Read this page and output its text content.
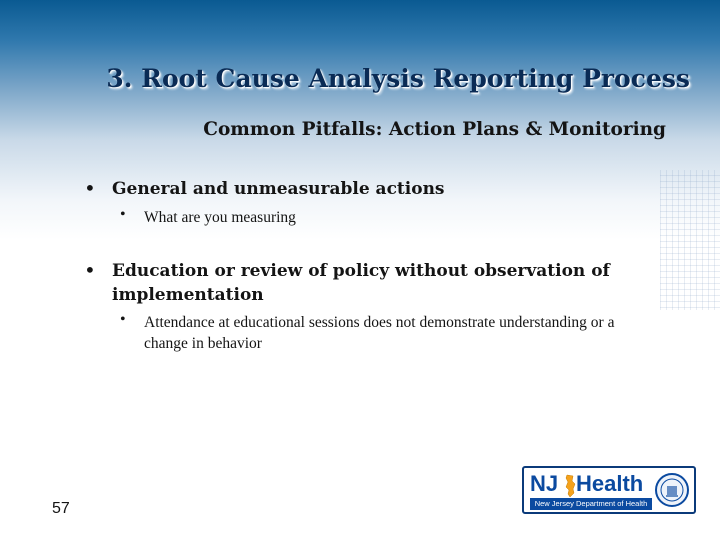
3. Root Cause Analysis Reporting Process
Common Pitfalls: Action Plans & Monitoring
• General and unmeasurable actions
• What are you measuring
• Education or review of policy without observation of implementation
• Attendance at educational sessions does not demonstrate understanding or a change in behavior
57
NJ Health
New Jersey Department of Health
